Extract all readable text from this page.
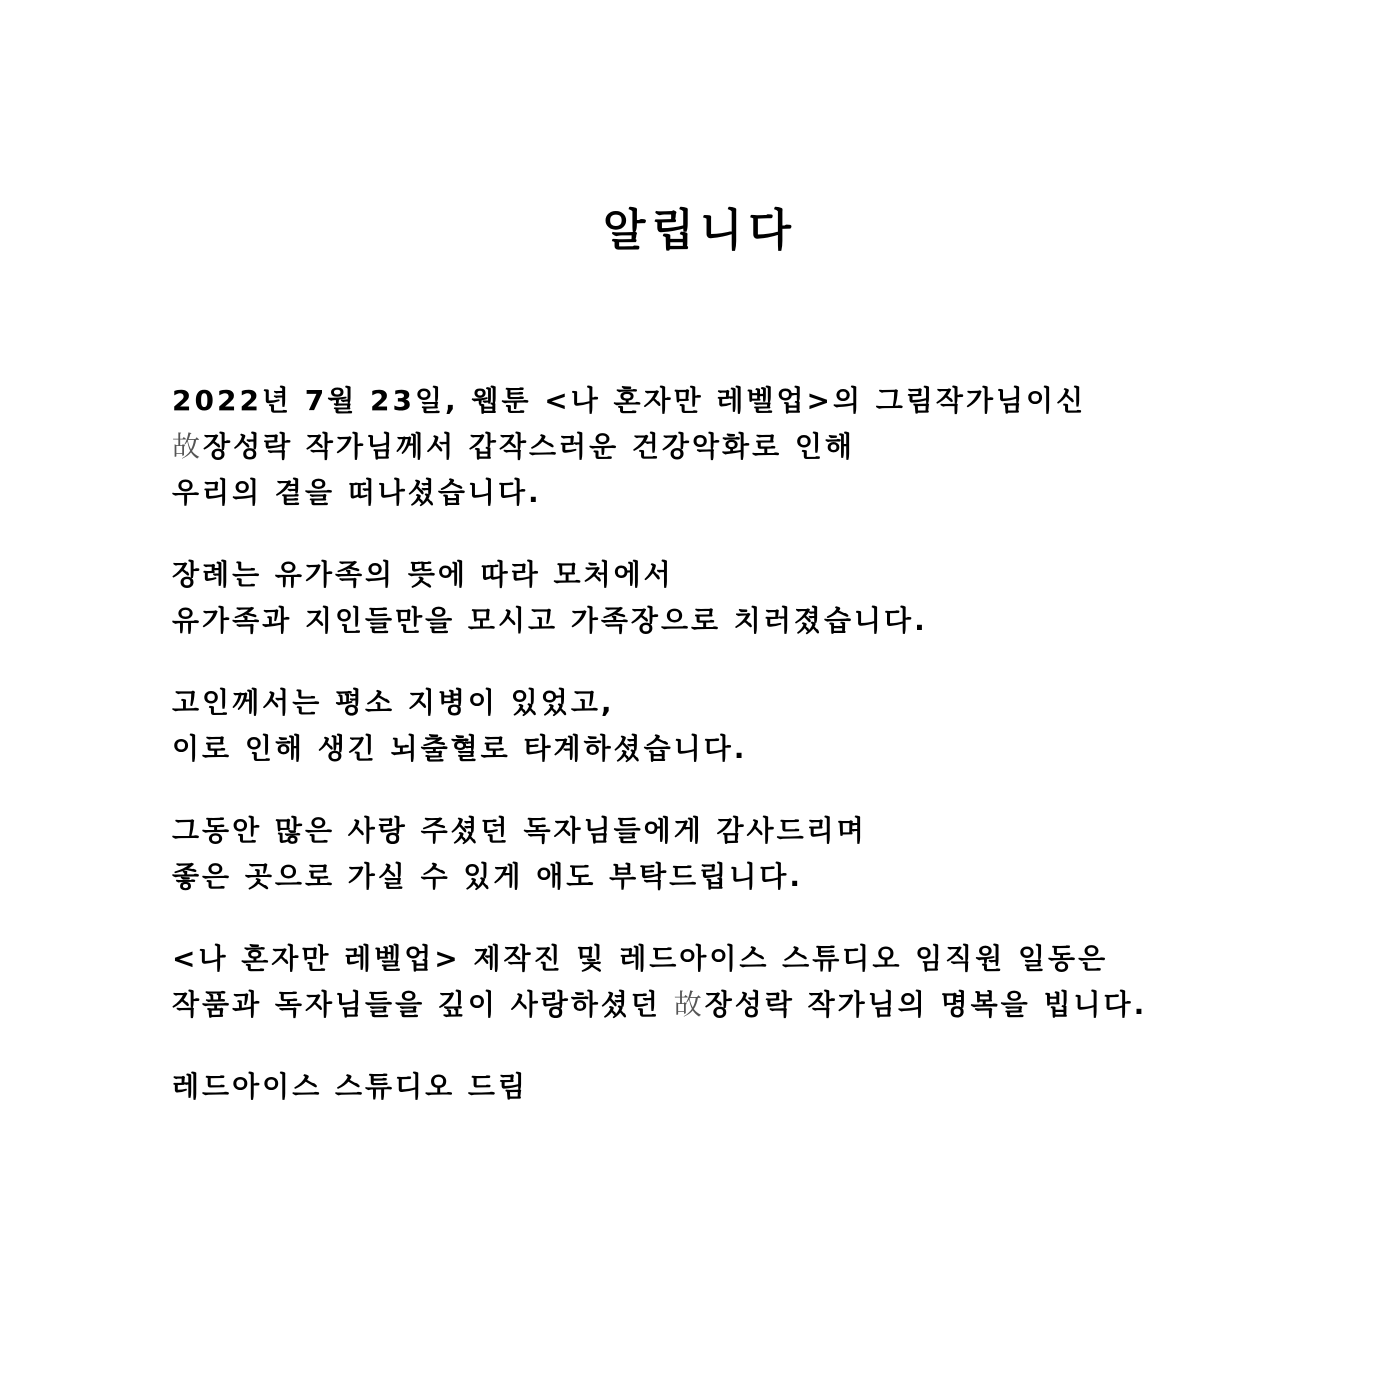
알립니다
2022년 7월 23일, 웹툰 <나 혼자만 레벨업>의 그림작가님이신
故장성락 작가님께서 갑작스러운 건강악화로 인해
우리의 곁을 떠나셨습니다.
장례는 유가족의 뜻에 따라 모처에서
유가족과 지인들만을 모시고 가족장으로 치러졌습니다.
고인께서는 평소 지병이 있었고,
이로 인해 생긴 뇌출혈로 타계하셨습니다.
그동안 많은 사랑 주셨던 독자님들에게 감사드리며
좋은 곳으로 가실 수 있게 애도 부탁드립니다.
<나 혼자만 레벨업> 제작진 및 레드아이스 스튜디오 임직원 일동은
작품과 독자님들을 깊이 사랑하셨던 故장성락 작가님의 명복을 빕니다.
레드아이스 스튜디오 드림
